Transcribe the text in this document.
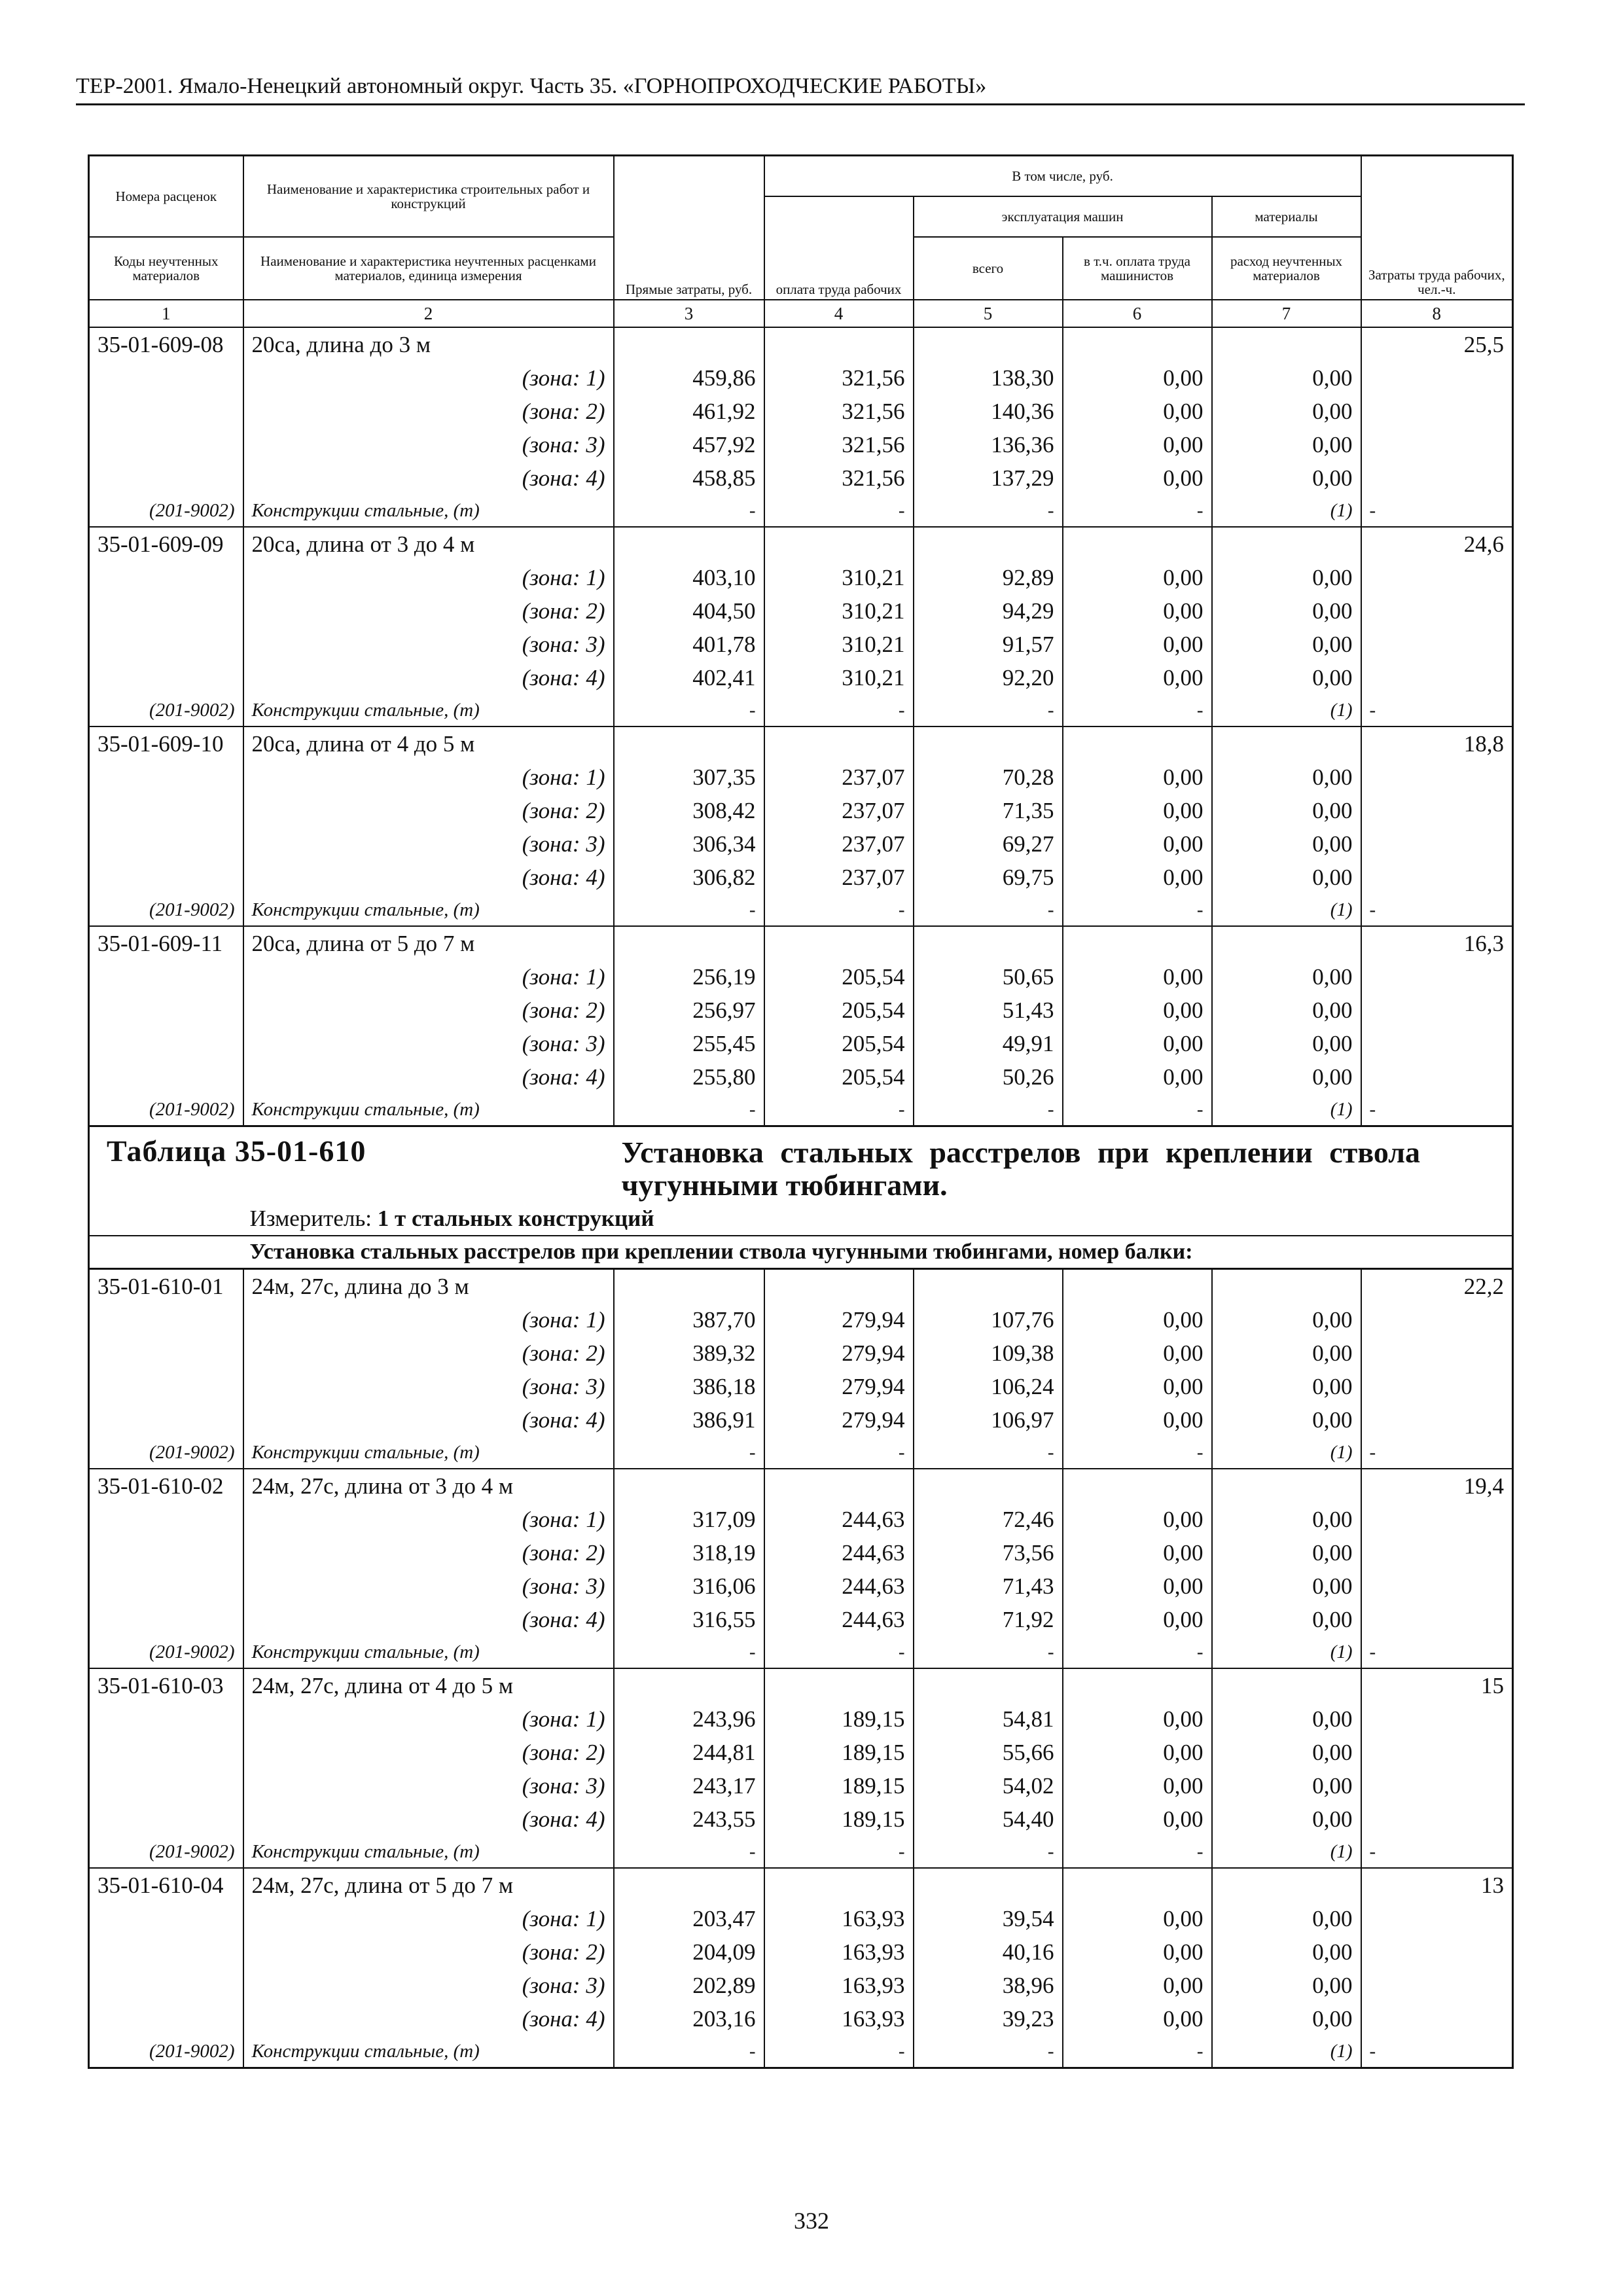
ТЕР-2001. Ямало-Ненецкий автономный округ. Часть 35. «ГОРНОПРОХОДЧЕСКИЕ РАБОТЫ»
Номера расценок	Наименование и характеристика строительных работ и конструкций	Прямые затраты, руб.	В том числе, руб.				Затраты труда рабочих, чел.-ч.
			оплата труда рабочих	эксплуатация машин		материалы	
Коды неучтенных материалов	Наименование и характеристика неучтенных расценками материалов, единица измерения			всего	в т.ч. оплата труда машинистов	расход неучтенных материалов	
1	2	3	4	5	6	7	8
35-01-609-08	20са, длина до 3 м						25,5
	(зона: 1)	459,86	321,56	138,30	0,00	0,00	
	(зона: 2)	461,92	321,56	140,36	0,00	0,00	
	(зона: 3)	457,92	321,56	136,36	0,00	0,00	
	(зона: 4)	458,85	321,56	137,29	0,00	0,00	
(201-9002)	Конструкции стальные, (т)	-	-	-	-	(1)	-
35-01-609-09	20са, длина от 3 до 4 м						24,6
	(зона: 1)	403,10	310,21	92,89	0,00	0,00	
	(зона: 2)	404,50	310,21	94,29	0,00	0,00	
	(зона: 3)	401,78	310,21	91,57	0,00	0,00	
	(зона: 4)	402,41	310,21	92,20	0,00	0,00	
(201-9002)	Конструкции стальные, (т)	-	-	-	-	(1)	-
35-01-609-10	20са, длина от 4 до 5 м						18,8
	(зона: 1)	307,35	237,07	70,28	0,00	0,00	
	(зона: 2)	308,42	237,07	71,35	0,00	0,00	
	(зона: 3)	306,34	237,07	69,27	0,00	0,00	
	(зона: 4)	306,82	237,07	69,75	0,00	0,00	
(201-9002)	Конструкции стальные, (т)	-	-	-	-	(1)	-
35-01-609-11	20са, длина от 5 до 7 м						16,3
	(зона: 1)	256,19	205,54	50,65	0,00	0,00	
	(зона: 2)	256,97	205,54	51,43	0,00	0,00	
	(зона: 3)	255,45	205,54	49,91	0,00	0,00	
	(зона: 4)	255,80	205,54	50,26	0,00	0,00	
(201-9002)	Конструкции стальные, (т)	-	-	-	-	(1)	-
Таблица 35-01-610		Установка стальных расстрелов при креплении ствола чугунными тюбингами.					

	Измеритель: 1 т стальных конструкций						
	Установка стальных расстрелов при креплении ствола чугунными тюбингами, номер балки:						
35-01-610-01	24м, 27с, длина до 3 м						22,2
	(зона: 1)	387,70	279,94	107,76	0,00	0,00	
	(зона: 2)	389,32	279,94	109,38	0,00	0,00	
	(зона: 3)	386,18	279,94	106,24	0,00	0,00	
	(зона: 4)	386,91	279,94	106,97	0,00	0,00	
(201-9002)	Конструкции стальные, (т)	-	-	-	-	(1)	-
35-01-610-02	24м, 27с, длина от 3 до 4 м						19,4
	(зона: 1)	317,09	244,63	72,46	0,00	0,00	
	(зона: 2)	318,19	244,63	73,56	0,00	0,00	
	(зона: 3)	316,06	244,63	71,43	0,00	0,00	
	(зона: 4)	316,55	244,63	71,92	0,00	0,00	
(201-9002)	Конструкции стальные, (т)	-	-	-	-	(1)	-
35-01-610-03	24м, 27с, длина от 4 до 5 м						15
	(зона: 1)	243,96	189,15	54,81	0,00	0,00	
	(зона: 2)	244,81	189,15	55,66	0,00	0,00	
	(зона: 3)	243,17	189,15	54,02	0,00	0,00	
	(зона: 4)	243,55	189,15	54,40	0,00	0,00	
(201-9002)	Конструкции стальные, (т)	-	-	-	-	(1)	-
35-01-610-04	24м, 27с, длина от 5 до 7 м						13
	(зона: 1)	203,47	163,93	39,54	0,00	0,00	
	(зона: 2)	204,09	163,93	40,16	0,00	0,00	
	(зона: 3)	202,89	163,93	38,96	0,00	0,00	
	(зона: 4)	203,16	163,93	39,23	0,00	0,00	
(201-9002)	Конструкции стальные, (т)	-	-	-	-	(1)	-
332
